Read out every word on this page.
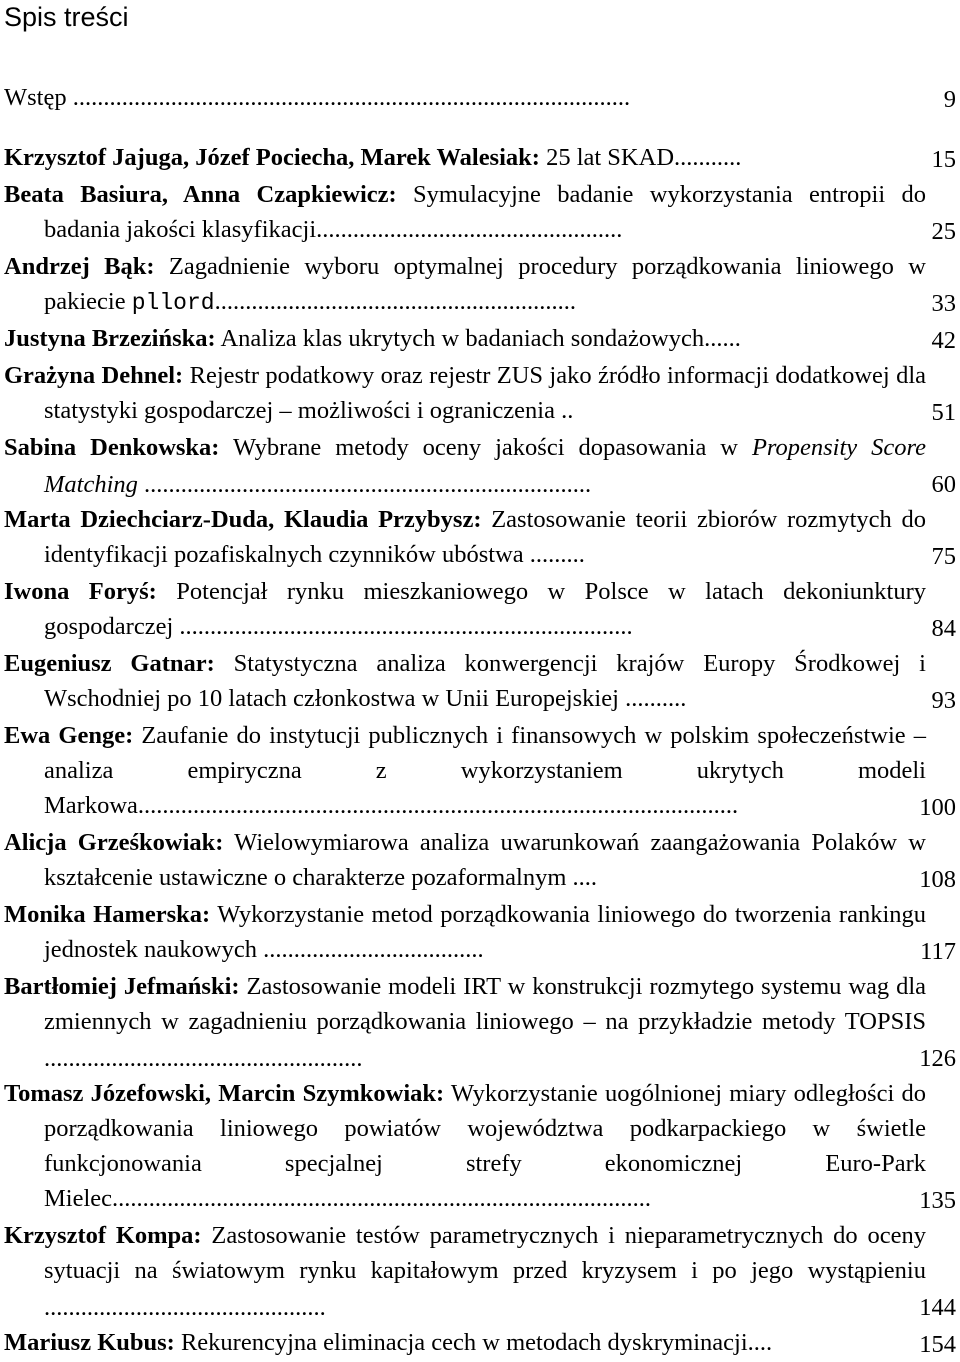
Spis treści
Wstęp ...........................................................................................	9
Krzysztof Jajuga, Józef Pociecha, Marek Walesiak: 25 lat SKAD...........	15
Beata Basiura, Anna Czapkiewicz: Symulacyjne badanie wykorzystania entropii do badania jakości klasyfikacji..................................................	25
Andrzej Bąk: Zagadnienie wyboru optymalnej procedury porządkowania liniowego w pakiecie pllord...........................................................	33
Justyna Brzezińska: Analiza klas ukrytych w badaniach sondażowych......	42
Grażyna Dehnel: Rejestr podatkowy oraz rejestr ZUS jako źródło informacji dodatkowej dla statystyki gospodarczej – możliwości i ograniczenia ..	51
Sabina Denkowska: Wybrane metody oceny jakości dopasowania w Propensity Score Matching .........................................................................	60
Marta Dziechciarz-Duda, Klaudia Przybysz: Zastosowanie teorii zbiorów rozmytych do identyfikacji pozafiskalnych czynników ubóstwa .........	75
Iwona Foryś: Potencjał rynku mieszkaniowego w Polsce w latach dekoniunktury gospodarczej ..........................................................................	84
Eugeniusz Gatnar: Statystyczna analiza konwergencji krajów Europy Środkowej i Wschodniej po 10 latach członkostwa w Unii Europejskiej ..........	93
Ewa Genge: Zaufanie do instytucji publicznych i finansowych w polskim społeczeństwie – analiza empiryczna z wykorzystaniem ukrytych modeli Markowa..................................................................................................	100
Alicja Grześkowiak: Wielowymiarowa analiza uwarunkowań zaangażowania Polaków w kształcenie ustawiczne o charakterze pozaformalnym ....	108
Monika Hamerska: Wykorzystanie metod porządkowania liniowego do tworzenia rankingu jednostek naukowych ....................................	117
Bartłomiej Jefmański: Zastosowanie modeli IRT w konstrukcji rozmytego systemu wag dla zmiennych w zagadnieniu porządkowania liniowego – na przykładzie metody TOPSIS ....................................................	126
Tomasz Józefowski, Marcin Szymkowiak: Wykorzystanie uogólnionej miary odległości do porządkowania liniowego powiatów województwa podkarpackiego w świetle funkcjonowania specjalnej strefy ekonomicznej Euro-Park Mielec........................................................................................	135
Krzysztof Kompa: Zastosowanie testów parametrycznych i nieparametrycznych do oceny sytuacji na światowym rynku kapitałowym przed kryzysem i po jego wystąpieniu ..............................................	144
Mariusz Kubus: Rekurencyjna eliminacja cech w metodach dyskryminacji....	154
